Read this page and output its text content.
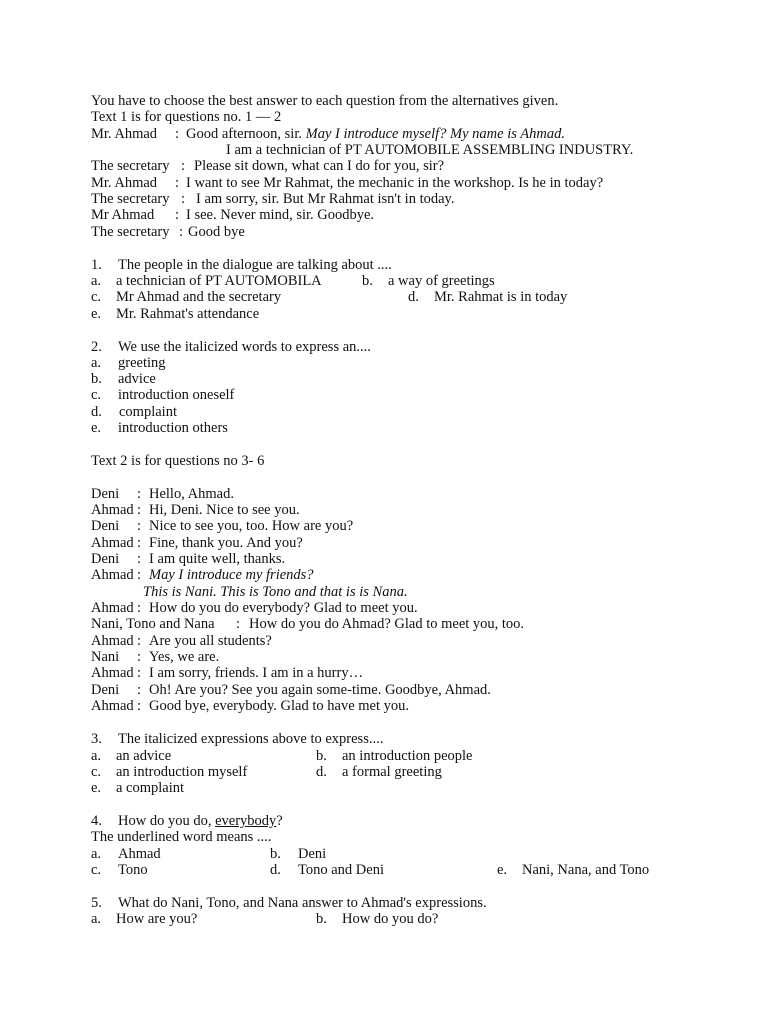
You have to choose the best answer to each question from the alternatives given.
Text 1 is for questions no. 1 — 2
Mr. Ahmad : Good afternoon, sir. May I introduce myself? My name is Ahmad.
I am a technician of PT AUTOMOBILE ASSEMBLING INDUSTRY.
The secretary : Please sit down, what can I do for you, sir?
Mr. Ahmad : I want to see Mr Rahmat, the mechanic in the workshop. Is he in today?
The secretary : I am sorry, sir. But Mr Rahmat isn't in today.
Mr Ahmad : I see. Never mind, sir. Goodbye.
The secretary : Good bye
1. The people in the dialogue are talking about ....
a. a technician of PT AUTOMOBILA	b. a way of greetings
c. Mr Ahmad and the secretary	d. Mr. Rahmat is in today
e. Mr. Rahmat's attendance
2. We use the italicized words to express an....
a. greeting
b. advice
c. introduction oneself
d. complaint
e. introduction others
Text 2 is for questions no 3- 6
Deni : Hello, Ahmad.
Ahmad : Hi, Deni. Nice to see you.
Deni : Nice to see you, too. How are you?
Ahmad : Fine, thank you. And you?
Deni : I am quite well, thanks.
Ahmad : May I introduce my friends?
This is Nani. This is Tono and that is is Nana.
Ahmad : How do you do everybody? Glad to meet you.
Nani, Tono and Nana : How do you do Ahmad? Glad to meet you, too.
Ahmad : Are you all students?
Nani : Yes, we are.
Ahmad : I am sorry, friends. I am in a hurry…
Deni : Oh! Are you? See you again some-time. Goodbye, Ahmad.
Ahmad : Good bye, everybody. Glad to have met you.
3. The italicized expressions above to express....
a. an advice	b. an introduction people
c. an introduction myself	d. a formal greeting
e. a complaint
4. How do you do, everybody?
The underlined word means ....
a. Ahmad	b. Deni
c. Tono	d. Tono and Deni	e. Nani, Nana, and Tono
5. What do Nani, Tono, and Nana answer to Ahmad's expressions.
a. How are you?	b. How do you do?
